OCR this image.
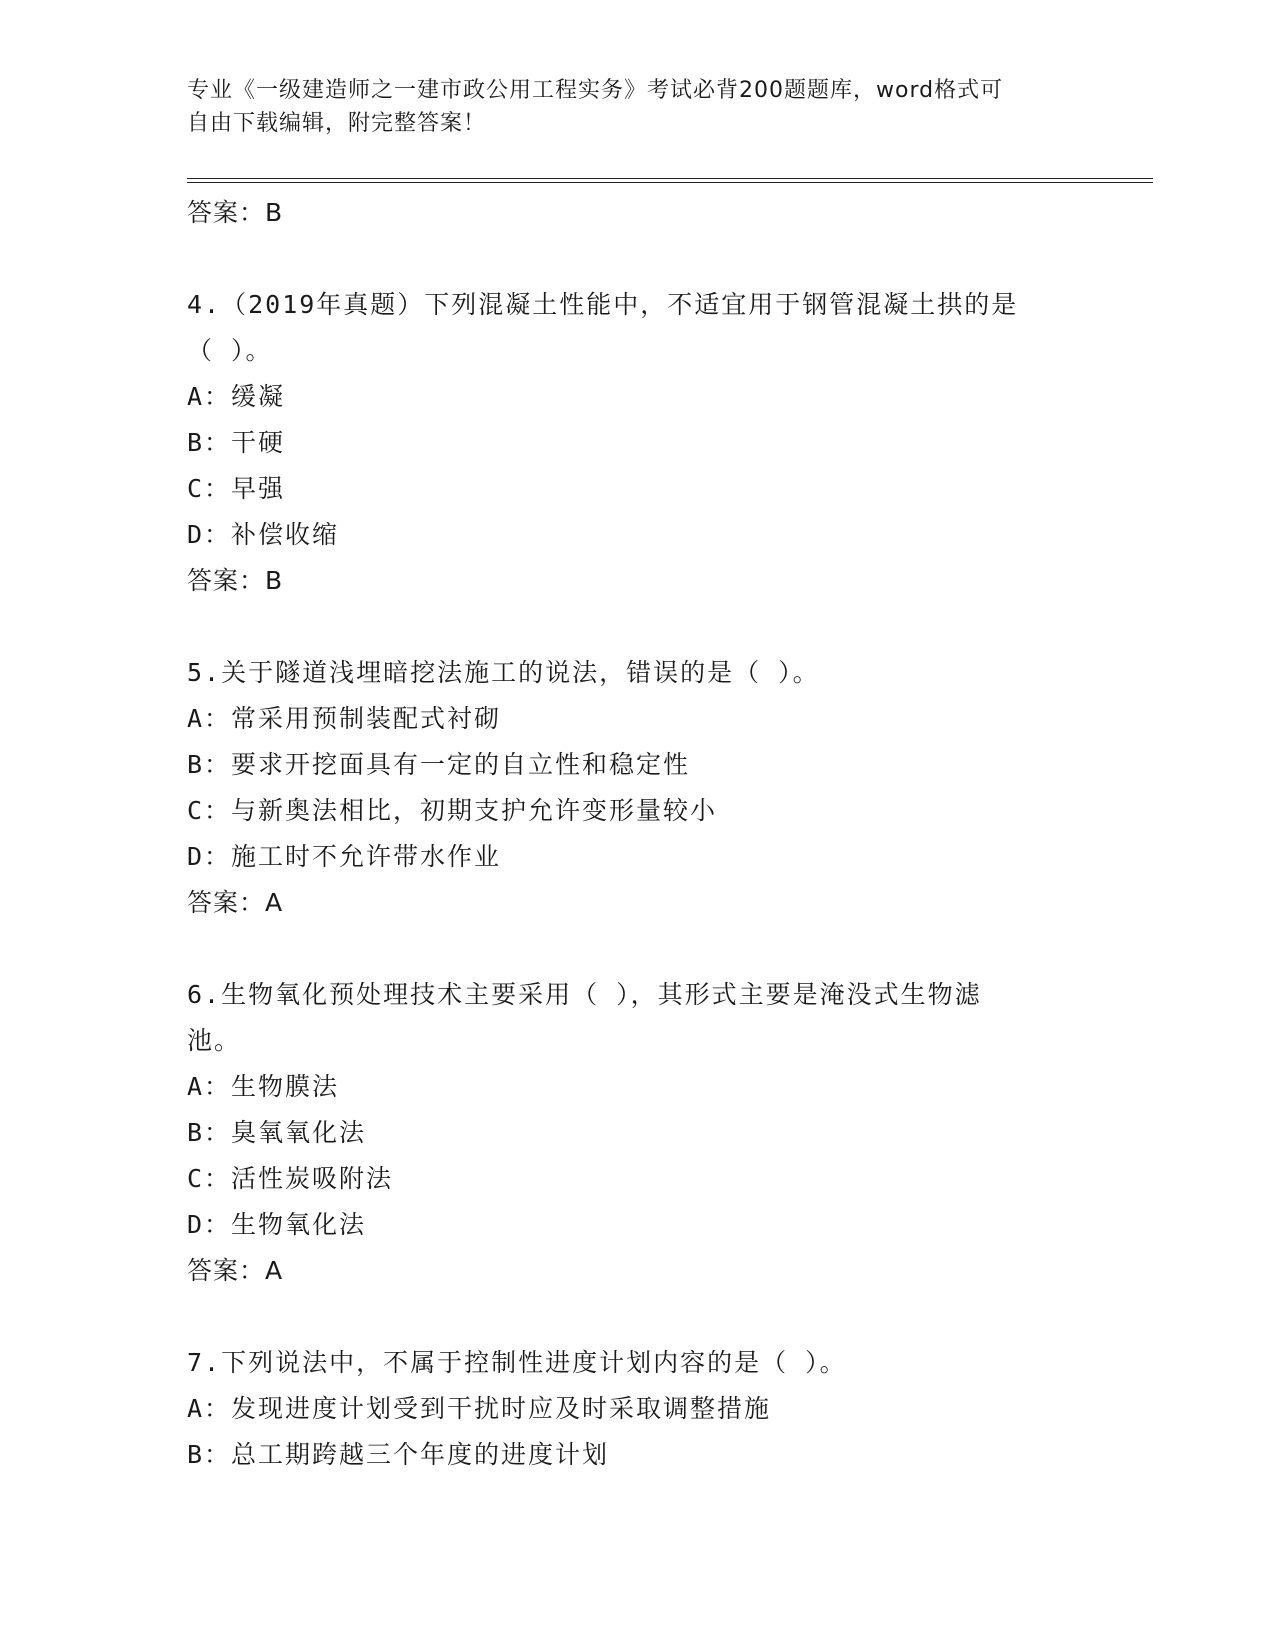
专业《一级建造师之一建市政公用工程实务》考试必背200题题库，word格式可
自由下载编辑，附完整答案！
答案：B
4.（2019年真题）下列混凝土性能中，不适宜用于钢管混凝土拱的是
（ ）。
A：缓凝
B：干硬
C：早强
D：补偿收缩
答案：B
5.关于隧道浅埋暗挖法施工的说法，错误的是（ ）。
A：常采用预制装配式衬砌
B：要求开挖面具有一定的自立性和稳定性
C：与新奥法相比，初期支护允许变形量较小
D：施工时不允许带水作业
答案：A
6.生物氧化预处理技术主要采用（ ），其形式主要是淹没式生物滤
池。
A：生物膜法
B：臭氧氧化法
C：活性炭吸附法
D：生物氧化法
答案：A
7.下列说法中，不属于控制性进度计划内容的是（ ）。
A：发现进度计划受到干扰时应及时采取调整措施
B：总工期跨越三个年度的进度计划
